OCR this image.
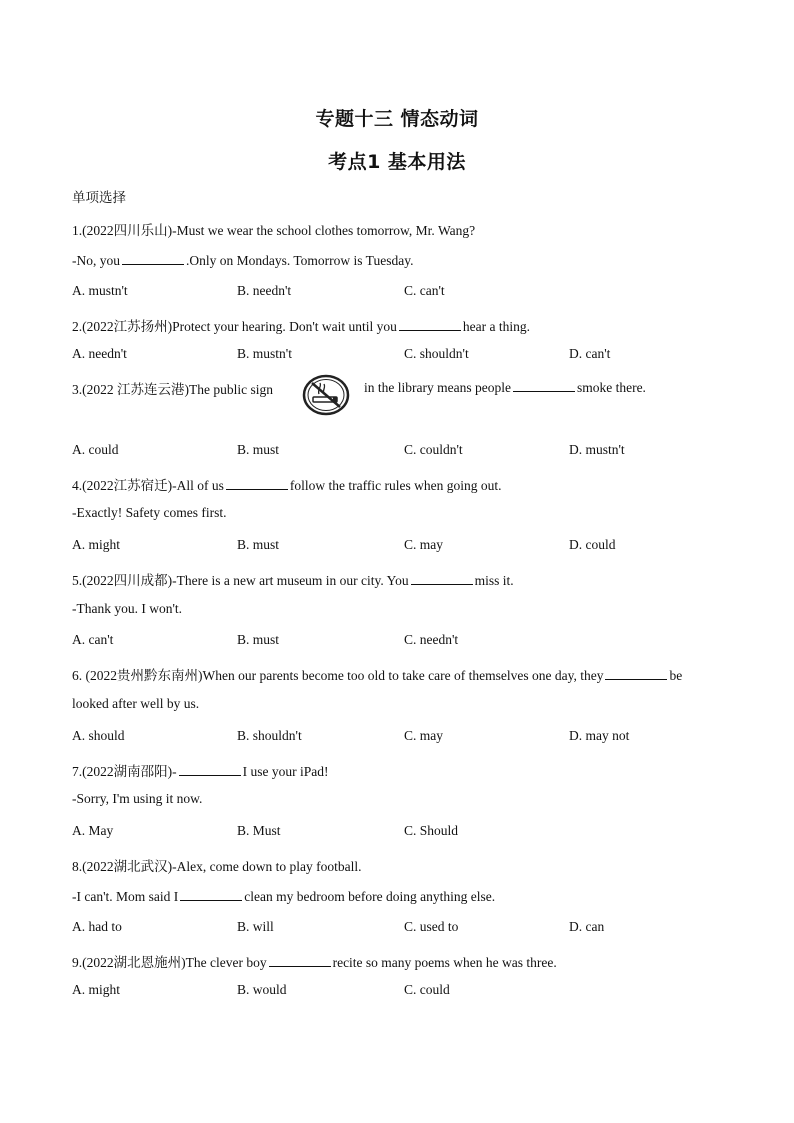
专题十三 情态动词
考点1 基本用法
单项选择
1.(2022四川乐山)-Must we wear the school clothes tomorrow, Mr. Wang?
-No, you	.Only on Mondays. Tomorrow is Tuesday.
A. mustn't	B. needn't	C. can't
2.(2022江苏扬州)Protect your hearing. Don't wait until you	hear a thing.
A. needn't	B. mustn't	C. shouldn't	D. can't
3.(2022 江苏连云港)The public sign	in the library means people	smoke there.
A. could	B. must	C. couldn't	D. mustn't
4.(2022江苏宿迁)-All of us	follow the traffic rules when going out.
-Exactly! Safety comes first.
A. might	B. must	C. may	D. could
5.(2022四川成都)-There is a new art museum in our city. You	miss it.
-Thank you. I won't.
A. can't	B. must	C. needn't
6. (2022贵州黔东南州)When our parents become too old to take care of themselves one day, they	be
looked after well by us.
A. should	B. shouldn't	C. may	D. may not
7.(2022湖南邵阳)-	I use your iPad!
-Sorry, I'm using it now.
A. May	B. Must	C. Should
8.(2022湖北武汉)-Alex, come down to play football.
-I can't. Mom said I	clean my bedroom before doing anything else.
A. had to	B. will	C. used to	D. can
9.(2022湖北恩施州)The clever boy	recite so many poems when he was three.
A. might	B. would	C. could
